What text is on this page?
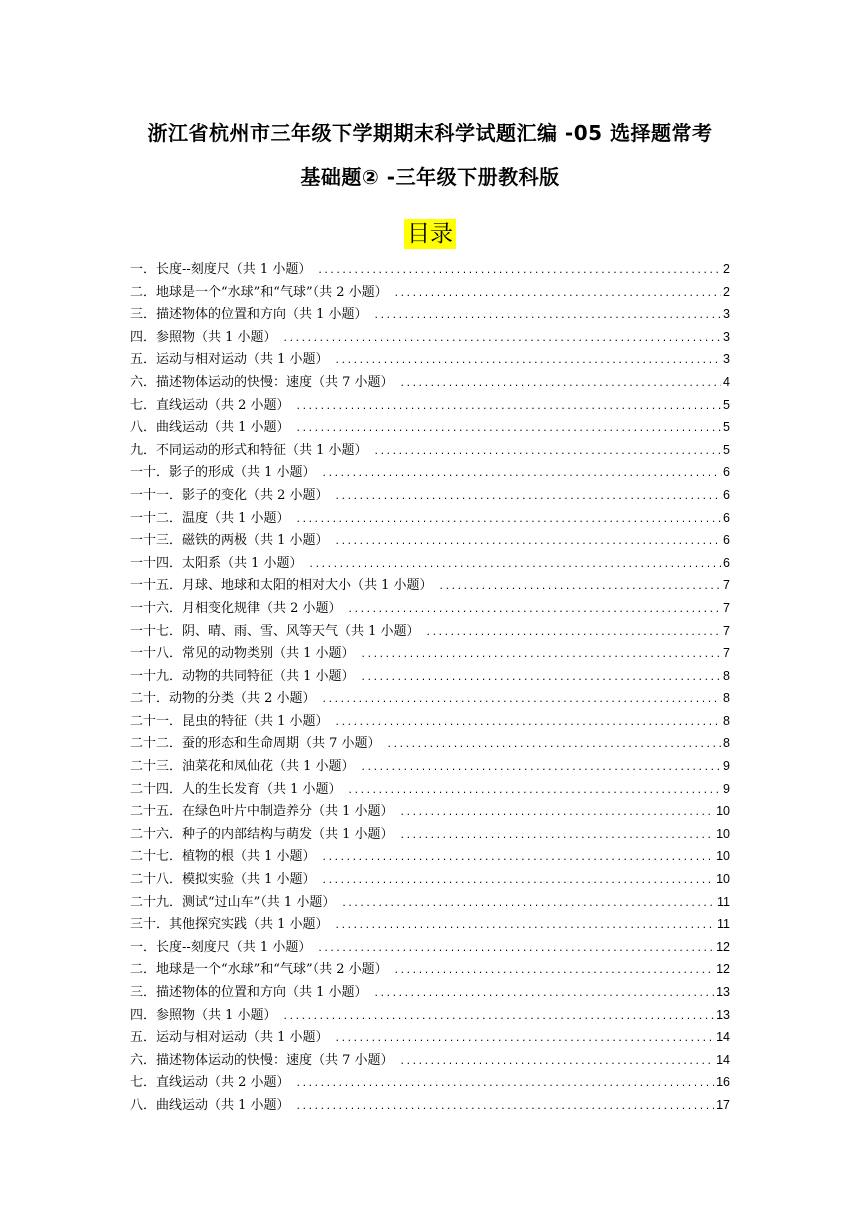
浙江省杭州市三年级下学期期末科学试题汇编 -05 选择题常考
基础题② -三年级下册教科版
目录
一．长度--刻度尺（共 1 小题） .....	2
二．地球是一个“水球”和“气球”（共 2 小题） .....	2
三．描述物体的位置和方向（共 1 小题） .....	3
四．参照物（共 1 小题） .....	3
五．运动与相对运动（共 1 小题） .....	3
六．描述物体运动的快慢：速度（共 7 小题） .....	4
七．直线运动（共 2 小题） .....	5
八．曲线运动（共 1 小题） .....	5
九．不同运动的形式和特征（共 1 小题） .....	5
一十．影子的形成（共 1 小题） .....	6
一十一．影子的变化（共 2 小题） .....	6
一十二．温度（共 1 小题） .....	6
一十三．磁铁的两极（共 1 小题） .....	6
一十四．太阳系（共 1 小题） .....	6
一十五．月球、地球和太阳的相对大小（共 1 小题） .....	7
一十六．月相变化规律（共 2 小题） .....	7
一十七．阴、晴、雨、雪、风等天气（共 1 小题） .....	7
一十八．常见的动物类别（共 1 小题） .....	7
一十九．动物的共同特征（共 1 小题） .....	8
二十．动物的分类（共 2 小题） .....	8
二十一．昆虫的特征（共 1 小题） .....	8
二十二．蚕的形态和生命周期（共 7 小题） .....	8
二十三．油菜花和凤仙花（共 1 小题） .....	9
二十四．人的生长发育（共 1 小题） .....	9
二十五．在绿色叶片中制造养分（共 1 小题） .....	10
二十六．种子的内部结构与萌发（共 1 小题） .....	10
二十七．植物的根（共 1 小题） .....	10
二十八．模拟实验（共 1 小题） .....	10
二十九．测试“过山车”（共 1 小题） .....	11
三十．其他探究实践（共 1 小题） .....	11
一．长度--刻度尺（共 1 小题） .....	12
二．地球是一个“水球”和“气球”（共 2 小题） .....	12
三．描述物体的位置和方向（共 1 小题） .....	13
四．参照物（共 1 小题） .....	13
五．运动与相对运动（共 1 小题） .....	14
六．描述物体运动的快慢：速度（共 7 小题） .....	14
七．直线运动（共 2 小题） .....	16
八．曲线运动（共 1 小题） .....	17
